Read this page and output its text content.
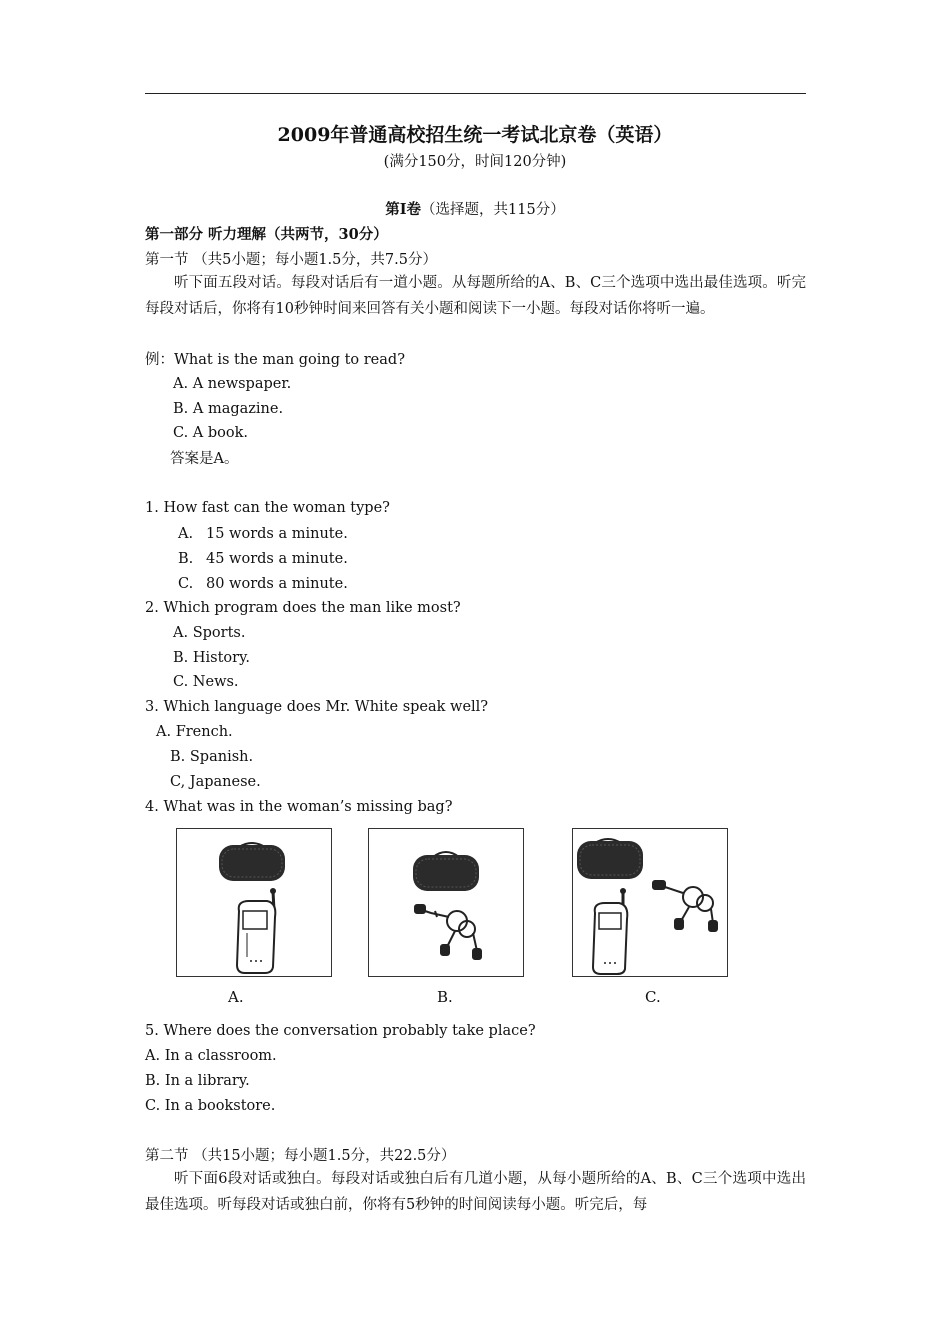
2009年普通高校招生统一考试北京卷（英语）
(满分150分，时间120分钟)
第I卷（选择题，共115分）
第一部分 听力理解（共两节，30分）
第一节 （共5小题；每小题1.5分，共7.5分）
听下面五段对话。每段对话后有一道小题。从每题所给的A、B、C三个选项中选出最佳选项。听完每段对话后，你将有10秒钟时间来回答有关小题和阅读下一小题。每段对话你将听一遍。
例：What is the man going to read?
A. A newspaper.
B. A magazine.
C. A book.
答案是A。
1. How fast can the woman type?
A. 15 words a minute.
B. 45 words a minute.
C. 80 words a minute.
2. Which program does the man like most?
A. Sports.
B. History.
C. News.
3. Which language does Mr. White speak well?
A. French.
B. Spanish.
C, Japanese.
4. What was in the woman’s missing bag?
A.	B.	C.
5. Where does the conversation probably take place?
A. In a classroom.
B. In a library.
C. In a bookstore.
第二节 （共15小题；每小题1.5分，共22.5分）
听下面6段对话或独白。每段对话或独白后有几道小题，从每小题所给的A、B、C三个选项中选出最佳选项。听每段对话或独白前，你将有5秒钟的时间阅读每小题。听完后，每
